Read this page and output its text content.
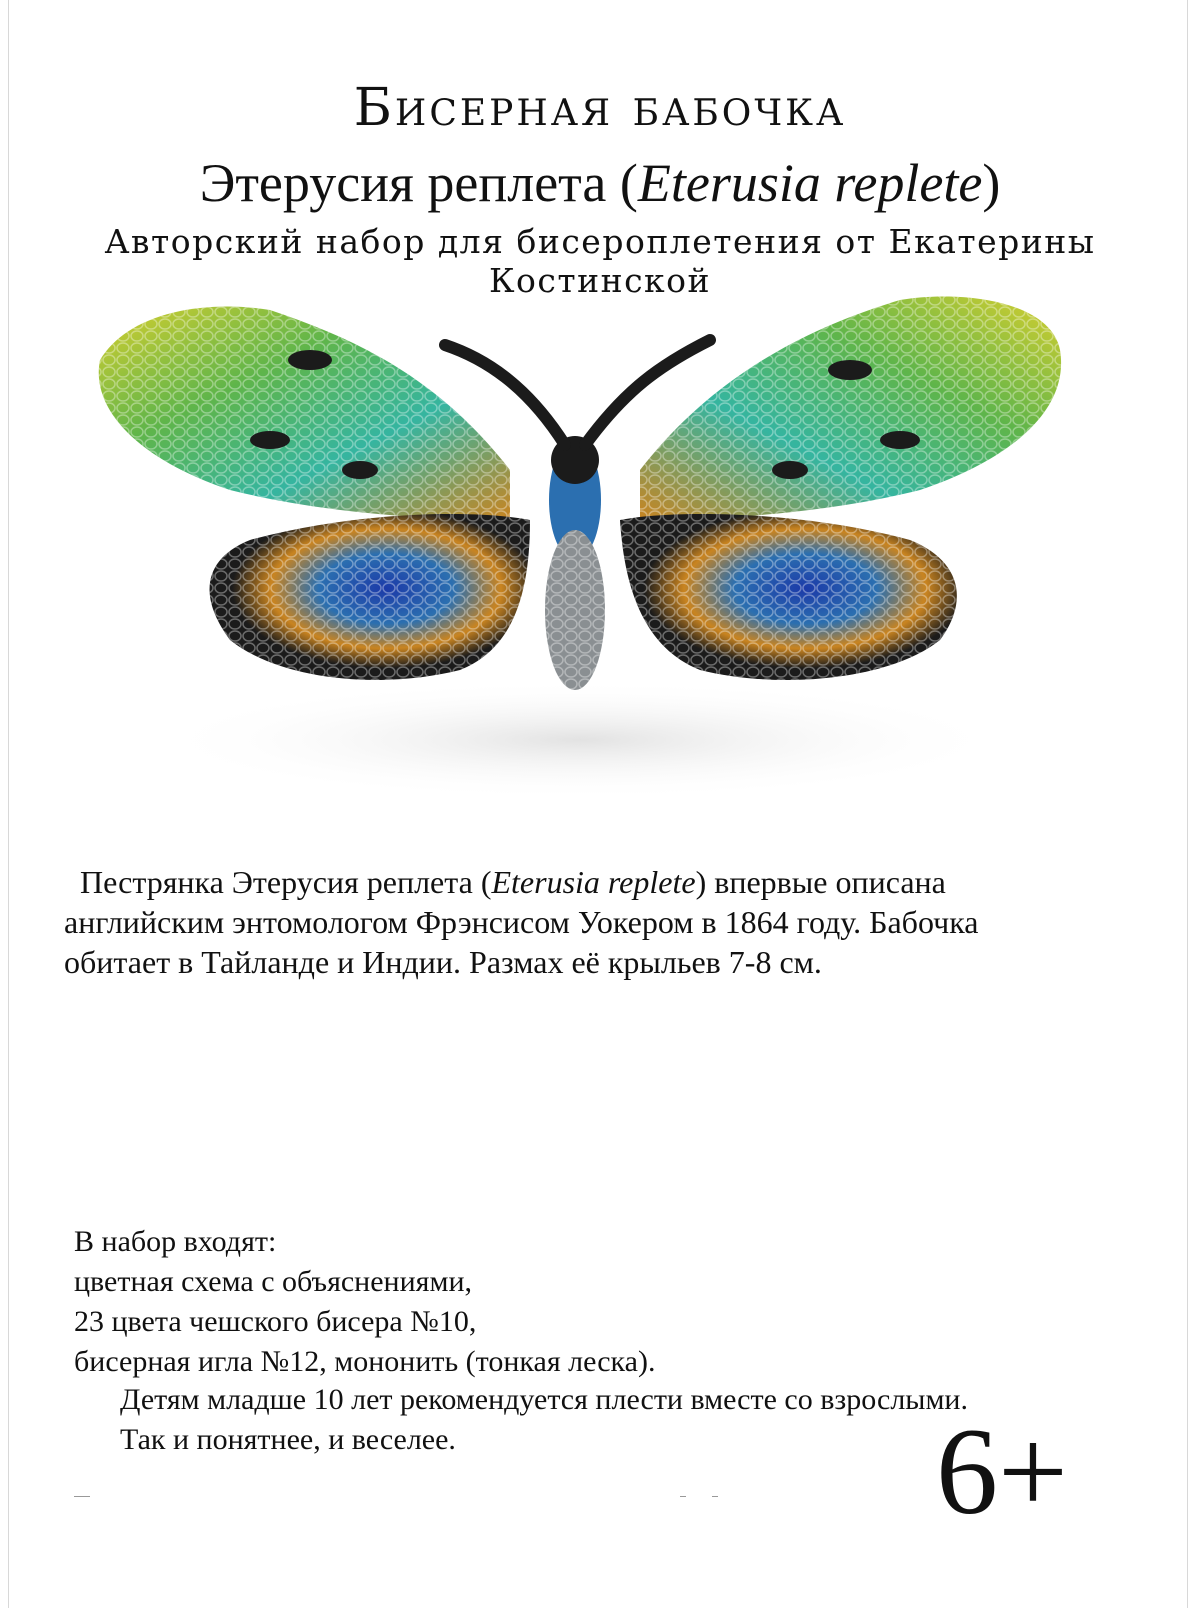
Бисерная бабочка
Этерусия реплета (Eterusia replete)
Авторский набор для бисероплетения от Екатерины Костинской

Пестрянка Этерусия реплета (Eterusia replete) впервые описана

английским энтомологом Фрэнсисом Уокером в 1864 году. Бабочка

обитает в Тайланде и Индии. Размах её крыльев 7-8 см.

В набор входят:
цветная схема с объяснениями,
23 цвета чешского бисера №10,
бисерная игла №12, мононить (тонкая леска).
Детям младше 10 лет рекомендуется плести вместе со взрослыми.
Так и понятнее, и веселее.	6+
